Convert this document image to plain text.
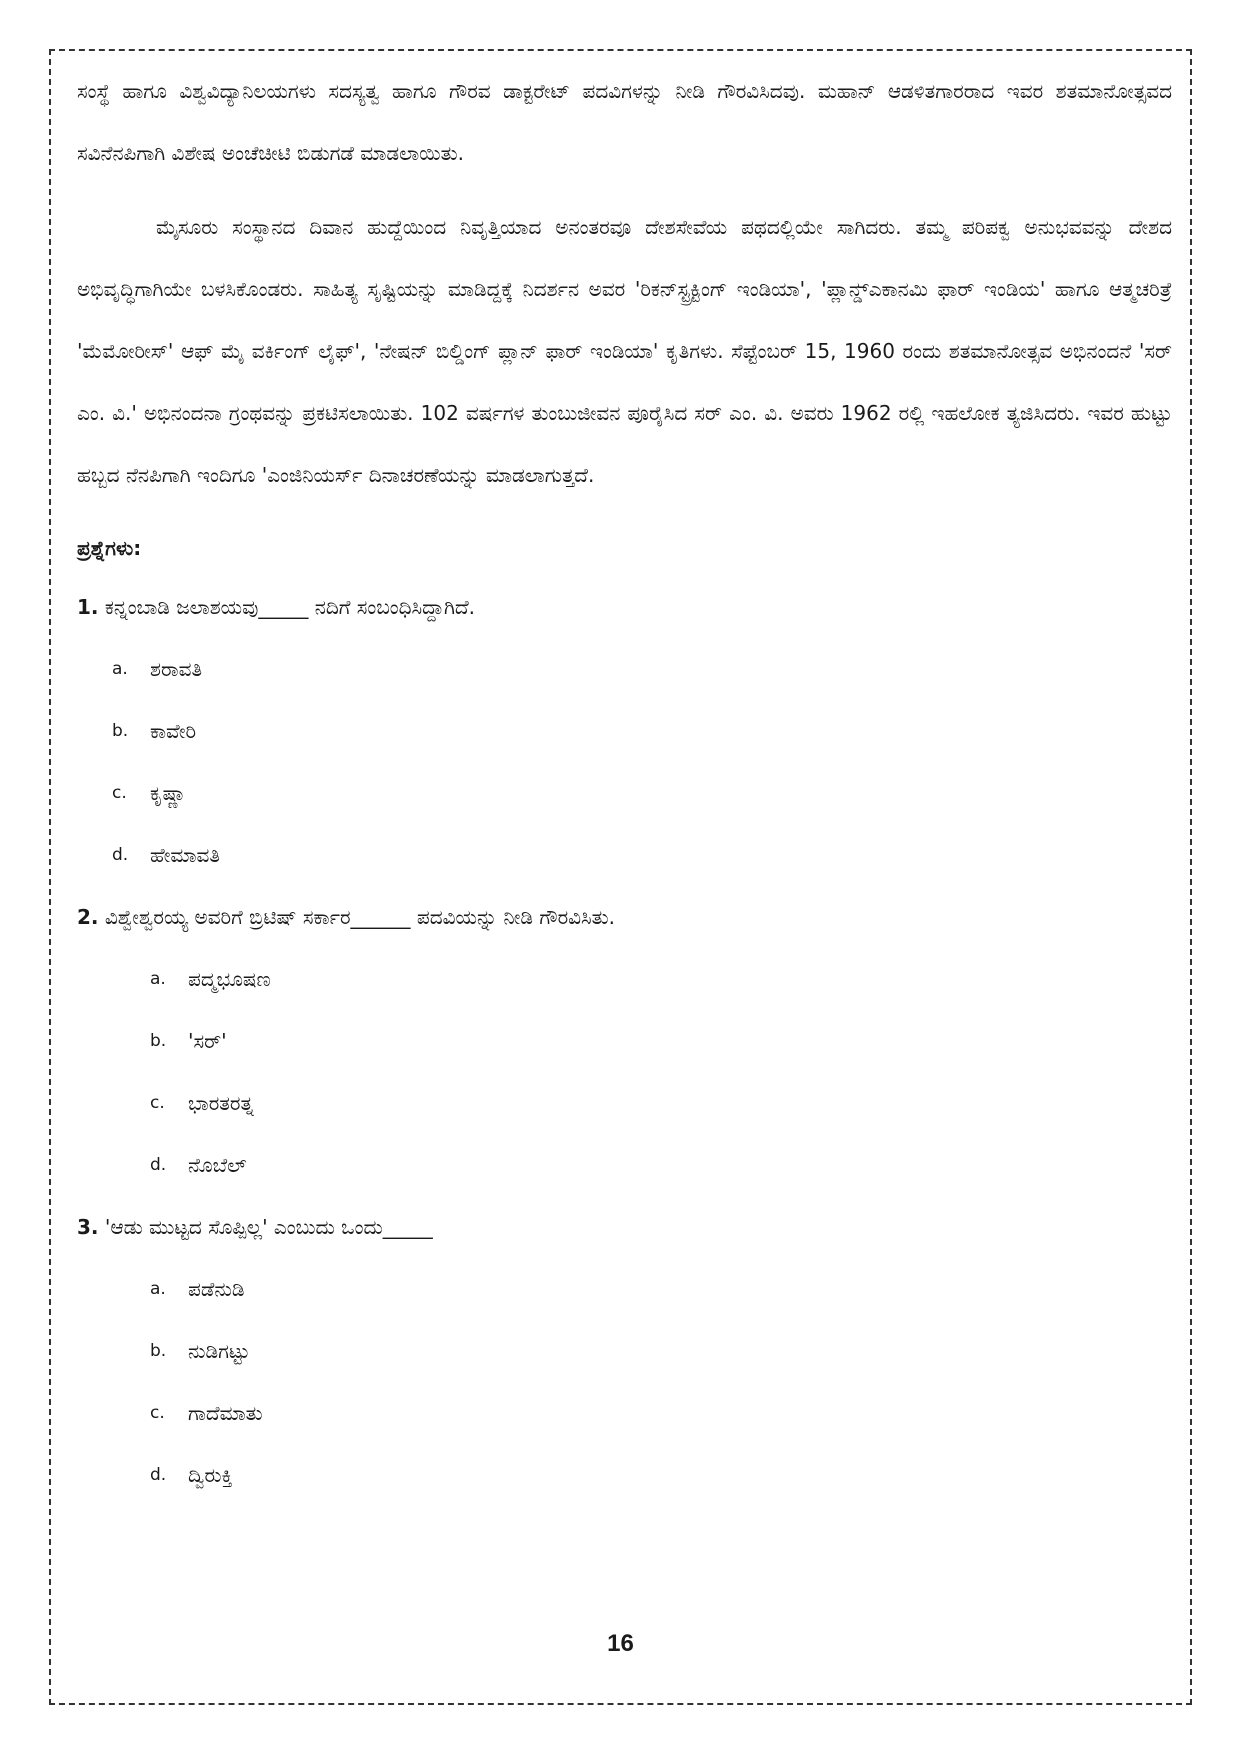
ಸಂಸ್ಥೆ ಹಾಗೂ ವಿಶ್ವವಿದ್ಯಾನಿಲಯಗಳು ಸದಸ್ಯತ್ವ ಹಾಗೂ ಗೌರವ ಡಾಕ್ಟರೇಟ್ ಪದವಿಗಳನ್ನು ನೀಡಿ ಗೌರವಿಸಿದವು. ಮಹಾನ್ ಆಡಳಿತಗಾರರಾದ ಇವರ ಶತಮಾನೋತ್ಸವದ ಸವಿನೆನಪಿಗಾಗಿ ವಿಶೇಷ ಅಂಚೆಚೀಟಿ ಬಿಡುಗಡೆ ಮಾಡಲಾಯಿತು.

ಮೈಸೂರು ಸಂಸ್ಥಾನದ ದಿವಾನ ಹುದ್ದೆಯಿಂದ ನಿವೃತ್ತಿಯಾದ ಅನಂತರವೂ ದೇಶಸೇವೆಯ ಪಥದಲ್ಲಿಯೇ ಸಾಗಿದರು. ತಮ್ಮ ಪರಿಪಕ್ವ ಅನುಭವವನ್ನು ದೇಶದ ಅಭಿವೃದ್ಧಿಗಾಗಿಯೇ ಬಳಸಿಕೊಂಡರು. ಸಾಹಿತ್ಯ ಸೃಷ್ಟಿಯನ್ನು ಮಾಡಿದ್ದಕ್ಕೆ ನಿದರ್ಶನ ಅವರ 'ರಿಕನ್‌ಸ್ಟ್ರಕ್ಟಿಂಗ್ ಇಂಡಿಯಾ', 'ಪ್ಲಾನ್ಡ್‌ಎಕಾನಮಿ ಫಾರ್ ಇಂಡಿಯ' ಹಾಗೂ ಆತ್ಮಚರಿತ್ರೆ 'ಮೆಮೋರೀಸ್' ಆಫ್ ಮೈ ವರ್ಕಿಂಗ್ ಲೈಫ್', 'ನೇಷನ್ ಬಿಲ್ಡಿಂಗ್ ಪ್ಲಾನ್ ಫಾರ್ ಇಂಡಿಯಾ' ಕೃತಿಗಳು. ಸೆಪ್ಟೆಂಬರ್ 15, 1960 ರಂದು ಶತಮಾನೋತ್ಸವ ಅಭಿನಂದನೆ 'ಸರ್ ಎಂ. ವಿ.' ಅಭಿನಂದನಾ ಗ್ರಂಥವನ್ನು ಪ್ರಕಟಿಸಲಾಯಿತು. 102 ವರ್ಷಗಳ ತುಂಬುಜೀವನ ಪೂರೈಸಿದ ಸರ್ ಎಂ. ವಿ. ಅವರು 1962 ರಲ್ಲಿ ಇಹಲೋಕ ತ್ಯಜಿಸಿದರು. ಇವರ ಹುಟ್ಟು ಹಬ್ಬದ ನೆನಪಿಗಾಗಿ ಇಂದಿಗೂ 'ಎಂಜಿನಿಯರ್ಸ್ ದಿನಾಚರಣೆಯನ್ನು ಮಾಡಲಾಗುತ್ತದೆ.

ಪ್ರಶ್ನೆಗಳು:

1. ಕನ್ನಂಬಾಡಿ ಜಲಾಶಯವು_____ ನದಿಗೆ ಸಂಬಂಧಿಸಿದ್ದಾಗಿದೆ.

a.	ಶರಾವತಿ
b.	ಕಾವೇರಿ
c.	ಕೃಷ್ಣಾ
d.	ಹೇಮಾವತಿ

2. ವಿಶ್ವೇಶ್ವರಯ್ಯ ಅವರಿಗೆ ಬ್ರಿಟಿಷ್ ಸರ್ಕಾರ______ ಪದವಿಯನ್ನು ನೀಡಿ ಗೌರವಿಸಿತು.

a.	ಪದ್ಮಭೂಷಣ
b.	'ಸರ್'
c.	ಭಾರತರತ್ನ
d.	ನೊಬೆಲ್

3. 'ಆಡು ಮುಟ್ಟದ ಸೊಪ್ಪಿಲ್ಲ' ಎಂಬುದು ಒಂದು_____

a.	ಪಡೆನುಡಿ
b.	ನುಡಿಗಟ್ಟು
c.	ಗಾದೆಮಾತು
d.	ದ್ವಿರುಕ್ತಿ
16
